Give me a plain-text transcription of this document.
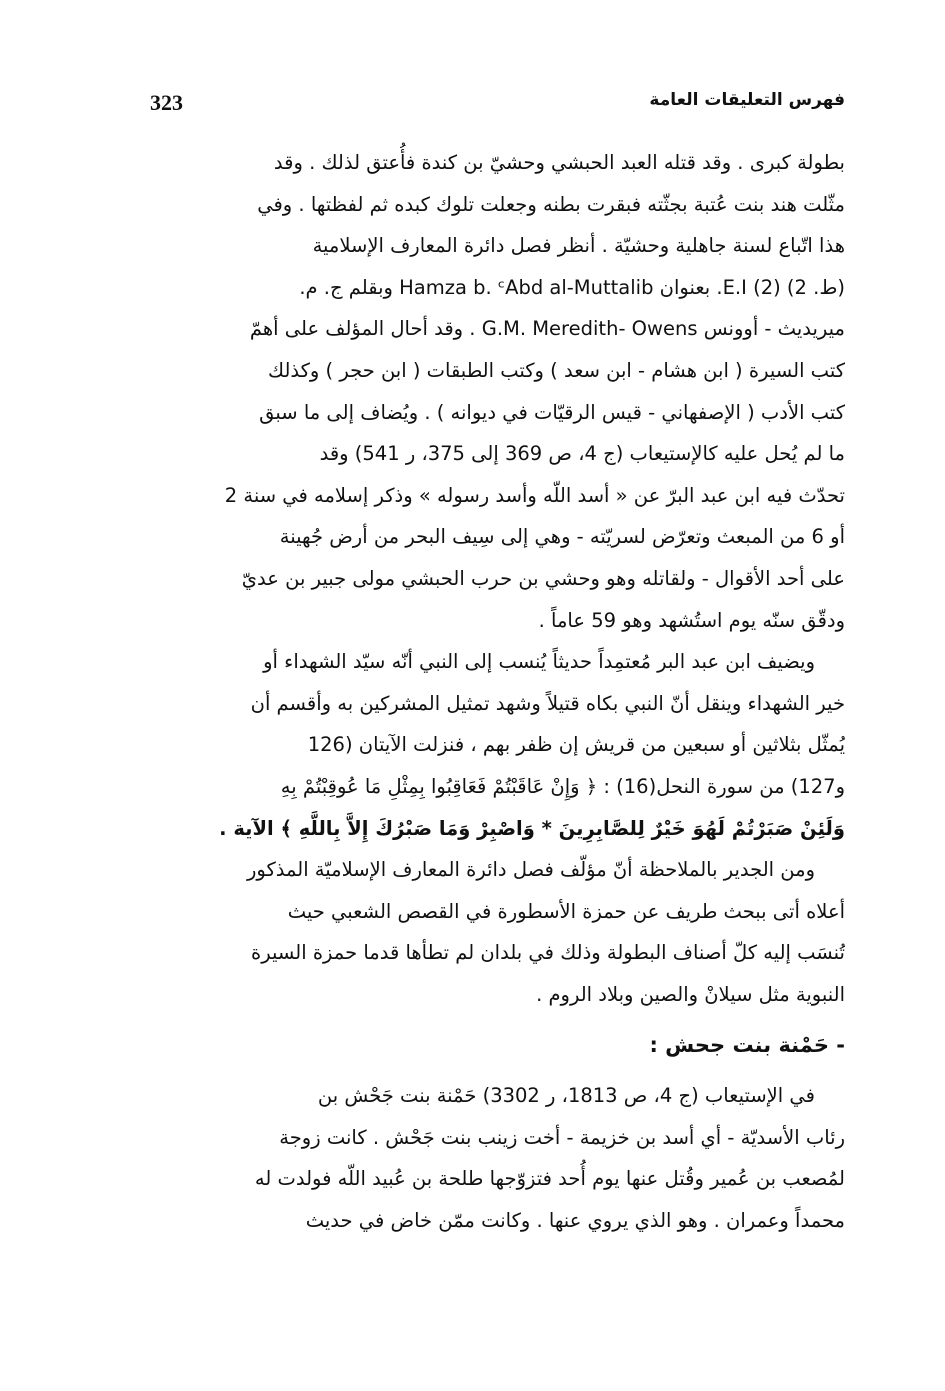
323	فهرس التعليقات العامة
بطولة كبرى . وقد قتله العبد الحبشي وحشيّ بن كندة فأُعتق لذلك . وقد
مثّلت هند بنت عُتبة بجثّته فبقرت بطنه وجعلت تلوك كبده ثم لفظتها . وفي
هذا اتّباع لسنة جاهلية وحشيّة . أنظر فصل دائرة المعارف الإسلامية
(ط. 2) (2) E.I. بعنوان Hamza b. ᶜAbd al-Muttalib وبقلم ج. م.
ميريديث - أوونس G.M. Meredith- Owens . وقد أحال المؤلف على أهمّ
كتب السيرة ( ابن هشام - ابن سعد ) وكتب الطبقات ( ابن حجر ) وكذلك
كتب الأدب ( الإصفهاني - قيس الرقيّات في ديوانه ) . ويُضاف إلى ما سبق
ما لم يُحل عليه كالإستيعاب (ج 4، ص 369 إلى 375، ر 541) وقد
تحدّث فيه ابن عبد البرّ عن « أسد اللّه وأسد رسوله » وذكر إسلامه في سنة 2
أو 6 من المبعث وتعرّض لسريّته - وهي إلى سِيف البحر من أرض جُهينة
على أحد الأقوال - ولقاتله وهو وحشي بن حرب الحبشي مولى جبير بن عديّ
ودقّق سنّه يوم استُشهد وهو 59 عاماً .
ويضيف ابن عبد البر مُعتمِداً حديثاً يُنسب إلى النبي أنّه سيّد الشهداء أو
خير الشهداء وينقل أنّ النبي بكاه قتيلاً وشهد تمثيل المشركين به وأقسم أن
يُمثّل بثلاثين أو سبعين من قريش إن ظفر بهم ، فنزلت الآيتان (126
و127) من سورة النحل(16) : ﴿ وَإِنْ عَاقَبْتُمْ فَعَاقِبُوا بِمِثْلِ مَا عُوقِبْتُمْ بِهِ
وَلَئِنْ صَبَرْتُمْ لَهُوَ خَيْرٌ لِلصَّابِرِينَ * وَاصْبِرْ وَمَا صَبْرُكَ إِلاَّ بِاللَّهِ ﴾ الآية .
ومن الجدير بالملاحظة أنّ مؤلّف فصل دائرة المعارف الإسلاميّة المذكور
أعلاه أتى ببحث طريف عن حمزة الأسطورة في القصص الشعبي حيث
تُنسَب إليه كلّ أصناف البطولة وذلك في بلدان لم تطأها قدما حمزة السيرة
النبوية مثل سيلانْ والصين وبلاد الروم .
- حَمْنة بنت جحش :
في الإستيعاب (ج 4، ص 1813، ر 3302) حَمْنة بنت جَحْش بن
رئاب الأسديّة - أي أسد بن خزيمة - أخت زينب بنت جَحْش . كانت زوجة
لمُصعب بن عُمير وقُتل عنها يوم أُحد فتزوّجها طلحة بن عُبيد اللّه فولدت له
محمداً وعمران . وهو الذي يروي عنها . وكانت ممّن خاض في حديث
